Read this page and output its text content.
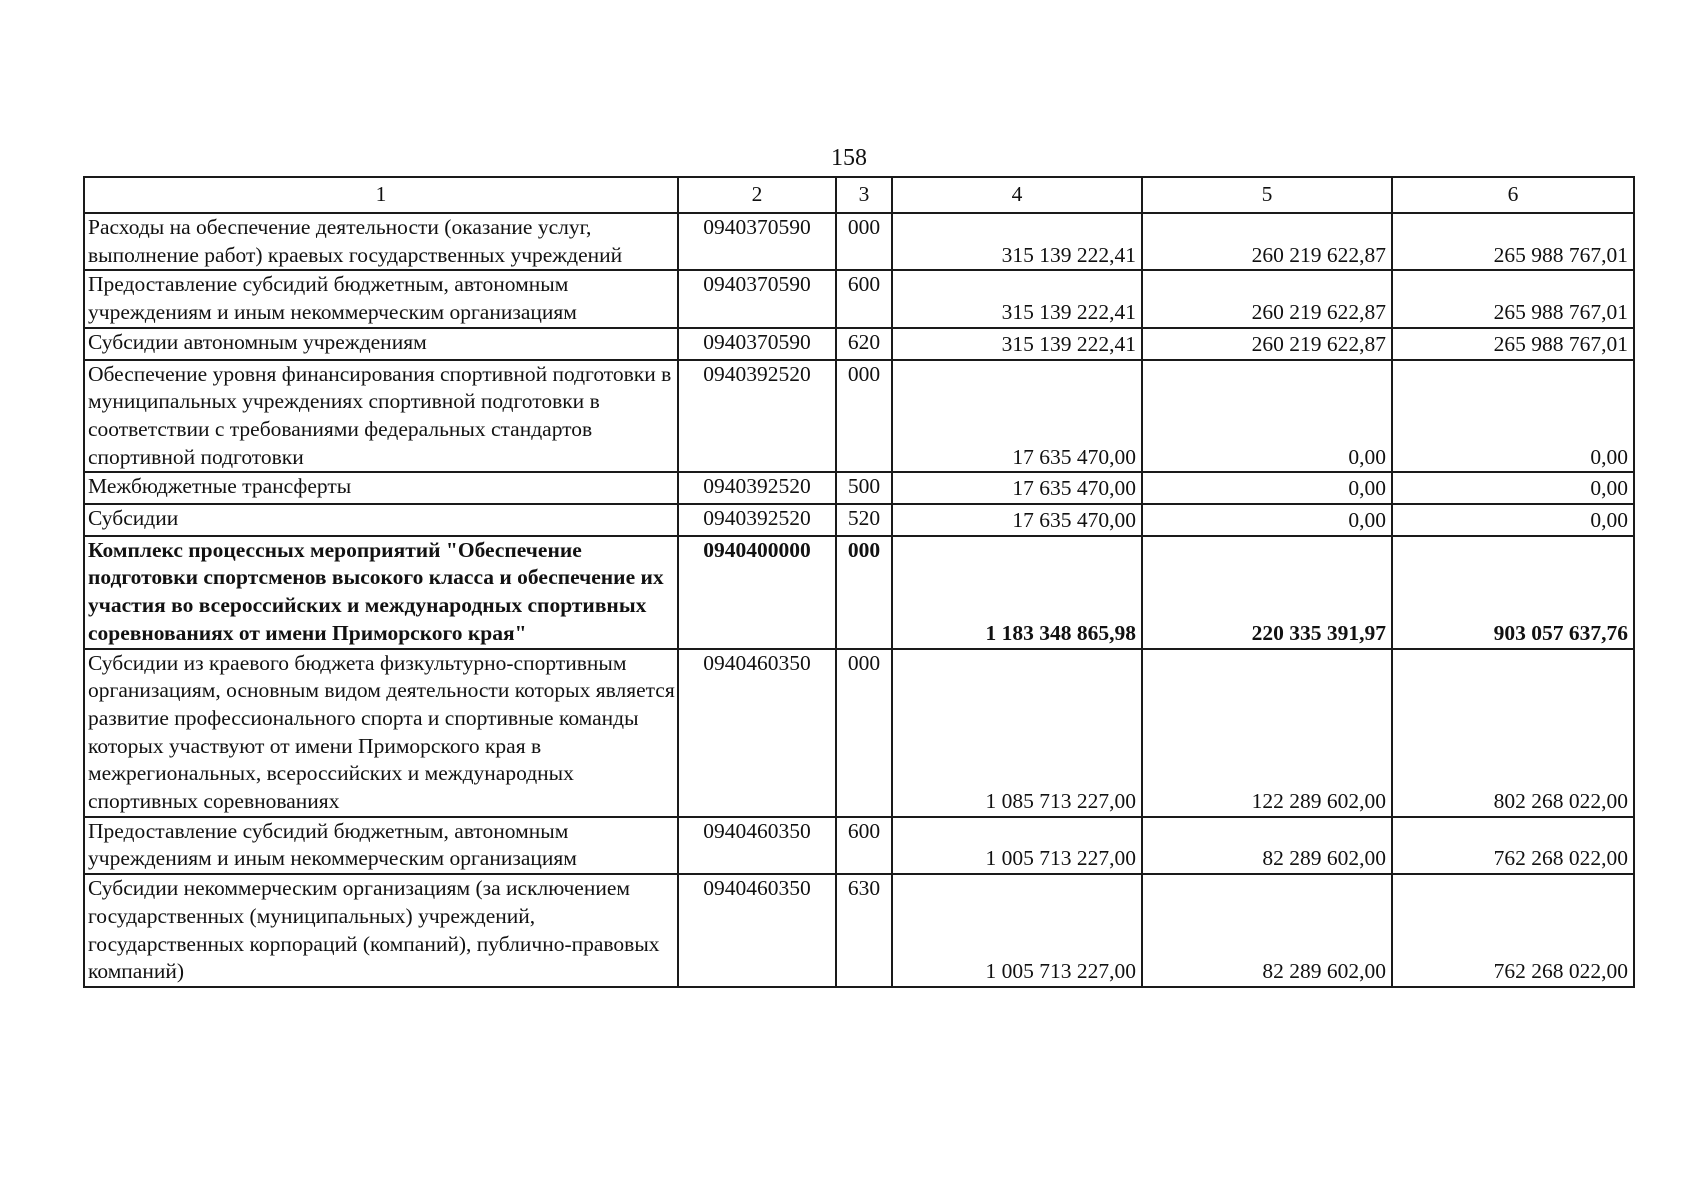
158
1	2	3	4	5	6
Расходы на обеспечение деятельности (оказание услуг, выполнение работ) краевых государственных учреждений	0940370590	000	315 139 222,41	260 219 622,87	265 988 767,01
Предоставление субсидий бюджетным, автономным учреждениям и иным некоммерческим организациям	0940370590	600	315 139 222,41	260 219 622,87	265 988 767,01
Субсидии автономным учреждениям	0940370590	620	315 139 222,41	260 219 622,87	265 988 767,01
Обеспечение уровня финансирования спортивной подготовки в муниципальных учреждениях спортивной подготовки в соответствии с требованиями федеральных стандартов спортивной подготовки	0940392520	000	17 635 470,00	0,00	0,00
Межбюджетные трансферты	0940392520	500	17 635 470,00	0,00	0,00
Субсидии	0940392520	520	17 635 470,00	0,00	0,00
Комплекс процессных мероприятий "Обеспечение подготовки спортсменов высокого класса и обеспечение их участия во всероссийских и международных спортивных соревнованиях от имени Приморского края"	0940400000	000	1 183 348 865,98	220 335 391,97	903 057 637,76
Субсидии из краевого бюджета физкультурно-спортивным организациям, основным видом деятельности которых является развитие профессионального спорта и спортивные команды которых участвуют от имени Приморского края в межрегиональных, всероссийских и международных спортивных соревнованиях	0940460350	000	1 085 713 227,00	122 289 602,00	802 268 022,00
Предоставление субсидий бюджетным, автономным учреждениям и иным некоммерческим организациям	0940460350	600	1 005 713 227,00	82 289 602,00	762 268 022,00
Субсидии некоммерческим организациям (за исключением государственных (муниципальных) учреждений, государственных корпораций (компаний), публично-правовых компаний)	0940460350	630	1 005 713 227,00	82 289 602,00	762 268 022,00
